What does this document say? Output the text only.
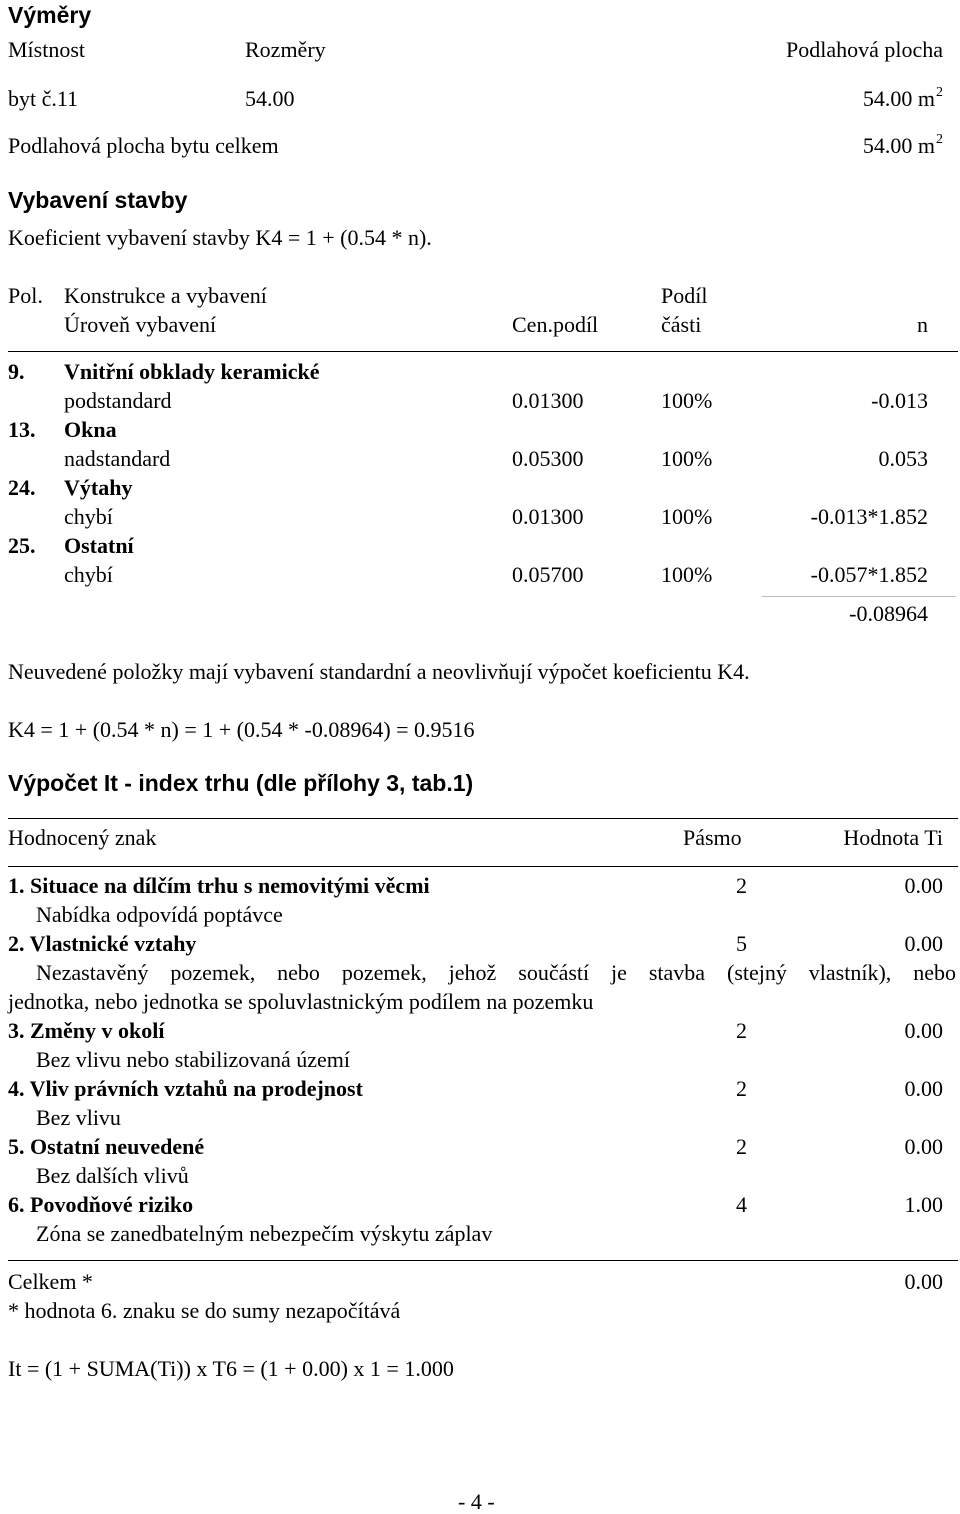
Výměry
Místnost	Rozměry	Podlahová plocha
byt č.11	54.00	54.00 $m^2$
Podlahová plocha bytu celkem	54.00 $m^2$
Vybavení stavby
Koeficient vybavení stavby K4 = 1 + (0.54 * n).
Pol. Konstrukce a vybavení	Podíl
Úroveň vybavení	Cen.podíl	části	n
9. Vnitřní obklady keramické
podstandard	0.01300	100%	-0.013
13. Okna
nadstandard	0.05300	100%	0.053
24. Výtahy
chybí	0.01300	100%	-0.013*1.852
25. Ostatní
chybí	0.05700	100%	-0.057*1.852
-0.08964
Neuvedené položky mají vybavení standardní a neovlivňují výpočet koeficientu K4.
K4 = 1 + (0.54 * n) = 1 + (0.54 * -0.08964) = 0.9516
Výpočet It - index trhu (dle přílohy 3, tab.1)
Hodnocený znak	Pásmo	Hodnota Ti
1. Situace na dílčím trhu s nemovitými věcmi	2	0.00
Nabídka odpovídá poptávce
2. Vlastnické vztahy	5	0.00
Nezastavěný pozemek, nebo pozemek, jehož součástí je stavba (stejný vlastník), nebo
jednotka, nebo jednotka se spoluvlastnickým podílem na pozemku
3. Změny v okolí	2	0.00
Bez vlivu nebo stabilizovaná území
4. Vliv právních vztahů na prodejnost	2	0.00
Bez vlivu
5. Ostatní neuvedené	2	0.00
Bez dalších vlivů
6. Povodňové riziko	4	1.00
Zóna se zanedbatelným nebezpečím výskytu záplav
Celkem *	0.00
* hodnota 6. znaku se do sumy nezapočítává
It = (1 + SUMA(Ti)) x T6 = (1 + 0.00) x 1 = 1.000
- 4 -
